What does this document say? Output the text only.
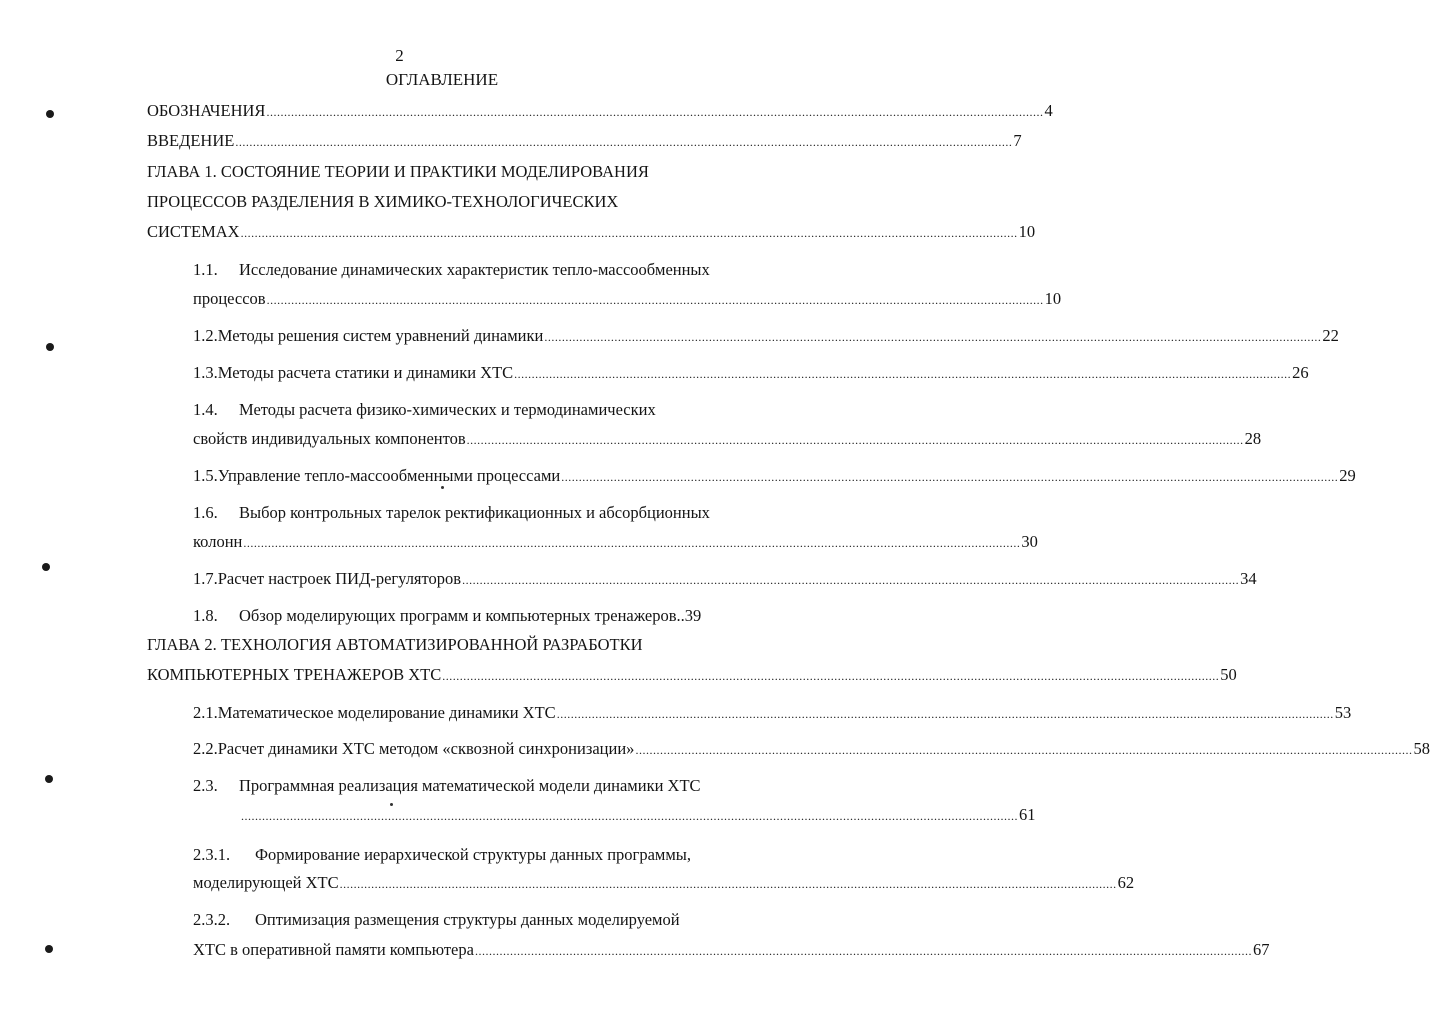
2
ОГЛАВЛЕНИЕ
ОБОЗНАЧЕНИЯ .............................................................................................................................................................................................................................. 4
ВВЕДЕНИЕ .............................................................................................................................................................................................................................. 7
ГЛАВА 1. СОСТОЯНИЕ ТЕОРИИ И ПРАКТИКИ МОДЕЛИРОВАНИЯ
ПРОЦЕССОВ РАЗДЕЛЕНИЯ В ХИМИКО-ТЕХНОЛОГИЧЕСКИХ
СИСТЕМАХ .............................................................................................................................................................................................................................. 10
1.1.	Исследование динамических характеристик тепло-массообменных
процессов .............................................................................................................................................................................................................................. 10
1.2. Методы решения систем уравнений динамики .............................................................................................................................................................................................................................. 22
1.3. Методы расчета статики и динамики ХТС .............................................................................................................................................................................................................................. 26
1.4.	Методы расчета физико-химических и термодинамических
свойств индивидуальных компонентов .............................................................................................................................................................................................................................. 28
1.5. Управление тепло-массообменными процессами .............................................................................................................................................................................................................................. 29
1.6.	Выбор контрольных тарелок ректификационных и абсорбционных
колонн .............................................................................................................................................................................................................................. 30
1.7. Расчет настроек ПИД-регуляторов .............................................................................................................................................................................................................................. 34
1.8.	Обзор моделирующих программ и компьютерных тренажеров.. 39
ГЛАВА 2. ТЕХНОЛОГИЯ АВТОМАТИЗИРОВАННОЙ РАЗРАБОТКИ
КОМПЬЮТЕРНЫХ ТРЕНАЖЕРОВ ХТС .............................................................................................................................................................................................................................. 50
2.1. Математическое моделирование динамики ХТС .............................................................................................................................................................................................................................. 53
2.2. Расчет динамики ХТС методом «сквозной синхронизации» .............................................................................................................................................................................................................................. 58
2.3.	Программная реализация математической модели динамики ХТС
.............................................................................................................................................................................................................................. 61
2.3.1.	Формирование иерархической структуры данных программы,
моделирующей ХТС .............................................................................................................................................................................................................................. 62
2.3.2.	Оптимизация размещения структуры данных моделируемой
ХТС в оперативной памяти компьютера .............................................................................................................................................................................................................................. 67
